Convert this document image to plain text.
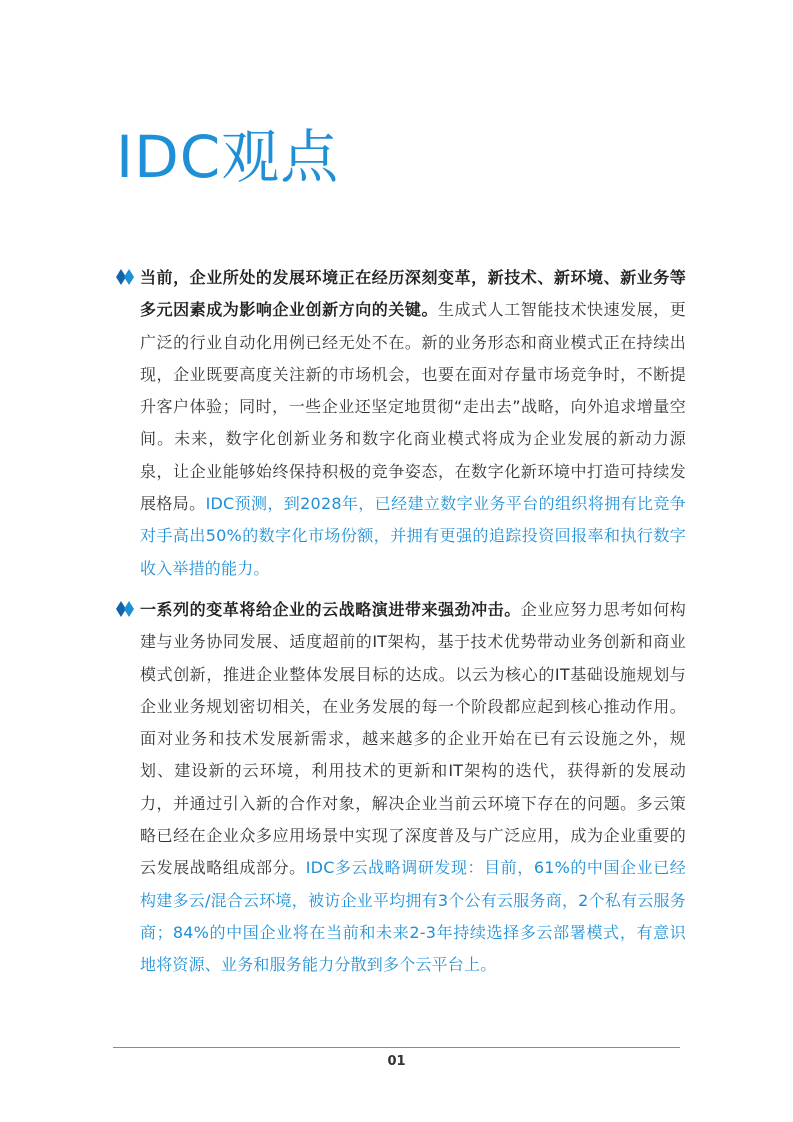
IDC观点
当前，企业所处的发展环境正在经历深刻变革，新技术、新环境、新业务等多元因素成为影响企业创新方向的关键。生成式人工智能技术快速发展，更广泛的行业自动化用例已经无处不在。新的业务形态和商业模式正在持续出现，企业既要高度关注新的市场机会，也要在面对存量市场竞争时，不断提升客户体验；同时，一些企业还坚定地贯彻“走出去”战略，向外追求增量空间。未来，数字化创新业务和数字化商业模式将成为企业发展的新动力源泉，让企业能够始终保持积极的竞争姿态，在数字化新环境中打造可持续发展格局。IDC预测，到2028年，已经建立数字业务平台的组织将拥有比竞争对手高出50%的数字化市场份额，并拥有更强的追踪投资回报率和执行数字收入举措的能力。
一系列的变革将给企业的云战略演进带来强劲冲击。企业应努力思考如何构建与业务协同发展、适度超前的IT架构，基于技术优势带动业务创新和商业模式创新，推进企业整体发展目标的达成。以云为核心的IT基础设施规划与企业业务规划密切相关，在业务发展的每一个阶段都应起到核心推动作用。面对业务和技术发展新需求，越来越多的企业开始在已有云设施之外，规划、建设新的云环境，利用技术的更新和IT架构的迭代，获得新的发展动力，并通过引入新的合作对象，解决企业当前云环境下存在的问题。多云策略已经在企业众多应用场景中实现了深度普及与广泛应用，成为企业重要的云发展战略组成部分。IDC多云战略调研发现：目前，61%的中国企业已经构建多云/混合云环境，被访企业平均拥有3个公有云服务商，2个私有云服务商；84%的中国企业将在当前和未来2-3年持续选择多云部署模式，有意识地将资源、业务和服务能力分散到多个云平台上。
01
